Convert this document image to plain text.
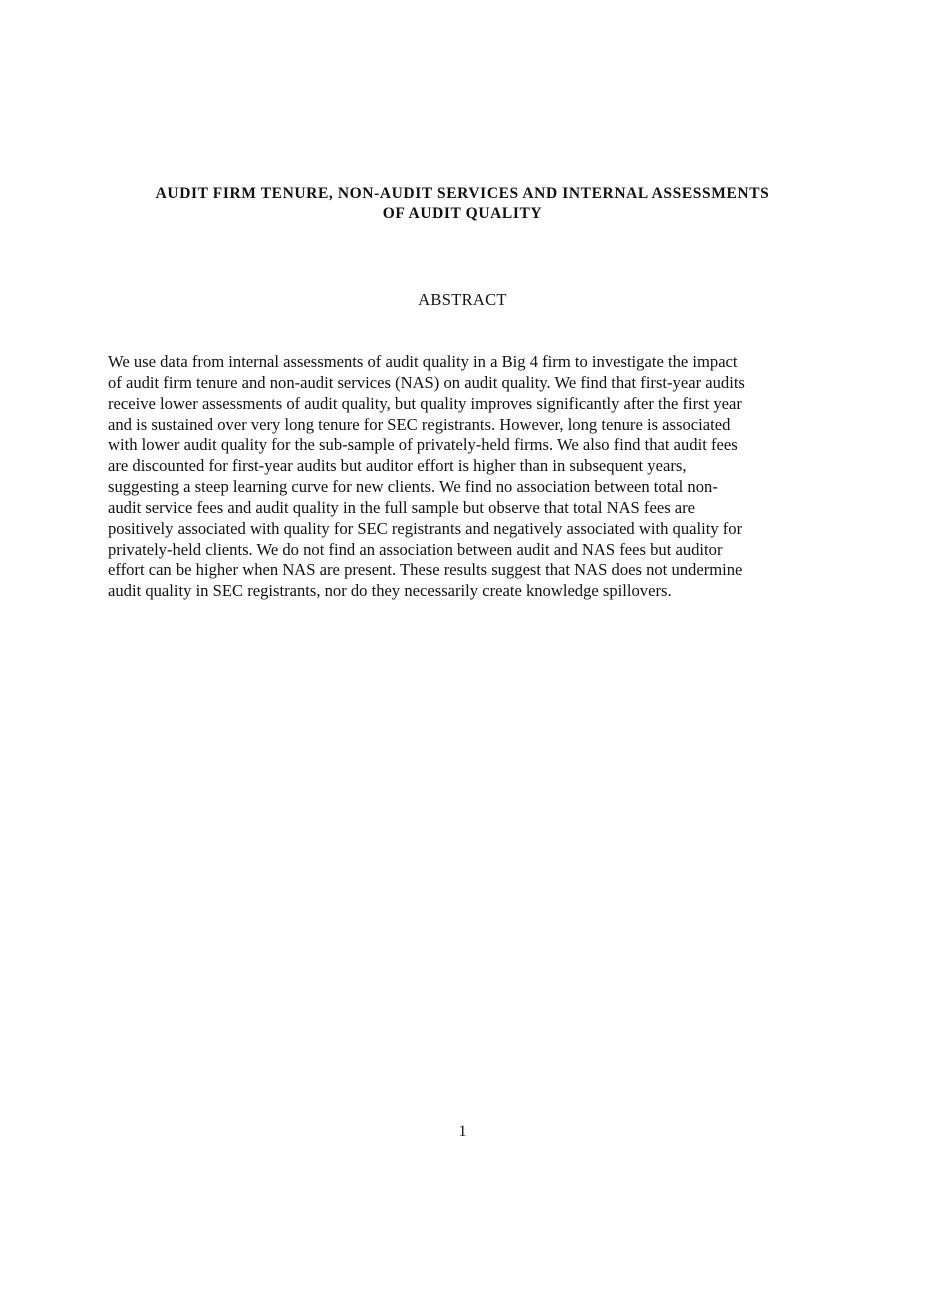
AUDIT FIRM TENURE, NON-AUDIT SERVICES AND INTERNAL ASSESSMENTS
OF AUDIT QUALITY
ABSTRACT
We use data from internal assessments of audit quality in a Big 4 firm to investigate the impact
of audit firm tenure and non-audit services (NAS) on audit quality. We find that first-year audits
receive lower assessments of audit quality, but quality improves significantly after the first year
and is sustained over very long tenure for SEC registrants. However, long tenure is associated
with lower audit quality for the sub-sample of privately-held firms. We also find that audit fees
are discounted for first-year audits but auditor effort is higher than in subsequent years,
suggesting a steep learning curve for new clients. We find no association between total non-
audit service fees and audit quality in the full sample but observe that total NAS fees are
positively associated with quality for SEC registrants and negatively associated with quality for
privately-held clients. We do not find an association between audit and NAS fees but auditor
effort can be higher when NAS are present. These results suggest that NAS does not undermine
audit quality in SEC registrants, nor do they necessarily create knowledge spillovers.
1
